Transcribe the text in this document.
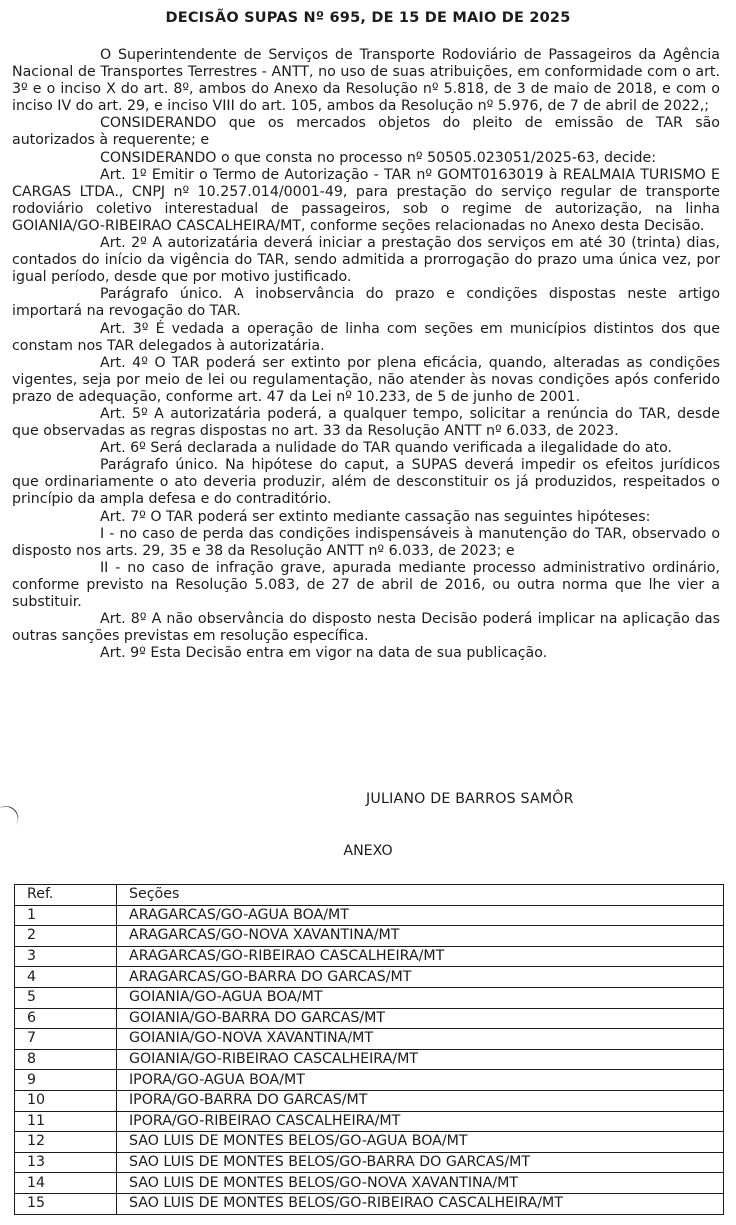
DECISÃO SUPAS Nº 695, DE 15 DE MAIO DE 2025

O Superintendente de Serviços de Transporte Rodoviário de Passageiros da Agência Nacional de Transportes Terrestres - ANTT, no uso de suas atribuições, em conformidade com o art. 3º e o inciso X do art. 8º, ambos do Anexo da Resolução nº 5.818, de 3 de maio de 2018, e com o inciso IV do art. 29, e inciso VIII do art. 105, ambos da Resolução nº 5.976, de 7 de abril de 2022,;

CONSIDERANDO que os mercados objetos do pleito de emissão de TAR são autorizados à requerente; e

CONSIDERANDO o que consta no processo nº 50505.023051/2025-63, decide:

Art. 1º Emitir o Termo de Autorização - TAR nº GOMT0163019 à REALMAIA TURISMO E CARGAS LTDA., CNPJ nº 10.257.014/0001-49, para prestação do serviço regular de transporte rodoviário coletivo interestadual de passageiros, sob o regime de autorização, na linha GOIANIA/GO-RIBEIRAO CASCALHEIRA/MT, conforme seções relacionadas no Anexo desta Decisão.

Art. 2º A autorizatária deverá iniciar a prestação dos serviços em até 30 (trinta) dias, contados do início da vigência do TAR, sendo admitida a prorrogação do prazo uma única vez, por igual período, desde que por motivo justificado.

Parágrafo único. A inobservância do prazo e condições dispostas neste artigo importará na revogação do TAR.

Art. 3º É vedada a operação de linha com seções em municípios distintos dos que constam nos TAR delegados à autorizatária.

Art. 4º O TAR poderá ser extinto por plena eficácia, quando, alteradas as condições vigentes, seja por meio de lei ou regulamentação, não atender às novas condições após conferido prazo de adequação, conforme art. 47 da Lei nº 10.233, de 5 de junho de 2001.

Art. 5º A autorizatária poderá, a qualquer tempo, solicitar a renúncia do TAR, desde que observadas as regras dispostas no art. 33 da Resolução ANTT nº 6.033, de 2023.

Art. 6º Será declarada a nulidade do TAR quando verificada a ilegalidade do ato.

Parágrafo único. Na hipótese do caput, a SUPAS deverá impedir os efeitos jurídicos que ordinariamente o ato deveria produzir, além de desconstituir os já produzidos, respeitados o princípio da ampla defesa e do contraditório.

Art. 7º O TAR poderá ser extinto mediante cassação nas seguintes hipóteses:

I - no caso de perda das condições indispensáveis à manutenção do TAR, observado o disposto nos arts. 29, 35 e 38 da Resolução ANTT nº 6.033, de 2023; e

II - no caso de infração grave, apurada mediante processo administrativo ordinário, conforme previsto na Resolução 5.083, de 27 de abril de 2016, ou outra norma que lhe vier a substituir.

Art. 8º A não observância do disposto nesta Decisão poderá implicar na aplicação das outras sanções previstas em resolução específica.

Art. 9º Esta Decisão entra em vigor na data de sua publicação.

JULIANO DE BARROS SAMÔR
ANEXO
Ref.	Seções
1	ARAGARCAS/GO-AGUA BOA/MT
2	ARAGARCAS/GO-NOVA XAVANTINA/MT
3	ARAGARCAS/GO-RIBEIRAO CASCALHEIRA/MT
4	ARAGARCAS/GO-BARRA DO GARCAS/MT
5	GOIANIA/GO-AGUA BOA/MT
6	GOIANIA/GO-BARRA DO GARCAS/MT
7	GOIANIA/GO-NOVA XAVANTINA/MT
8	GOIANIA/GO-RIBEIRAO CASCALHEIRA/MT
9	IPORA/GO-AGUA BOA/MT
10	IPORA/GO-BARRA DO GARCAS/MT
11	IPORA/GO-RIBEIRAO CASCALHEIRA/MT
12	SAO LUIS DE MONTES BELOS/GO-AGUA BOA/MT
13	SAO LUIS DE MONTES BELOS/GO-BARRA DO GARCAS/MT
14	SAO LUIS DE MONTES BELOS/GO-NOVA XAVANTINA/MT
15	SAO LUIS DE MONTES BELOS/GO-RIBEIRAO CASCALHEIRA/MT
